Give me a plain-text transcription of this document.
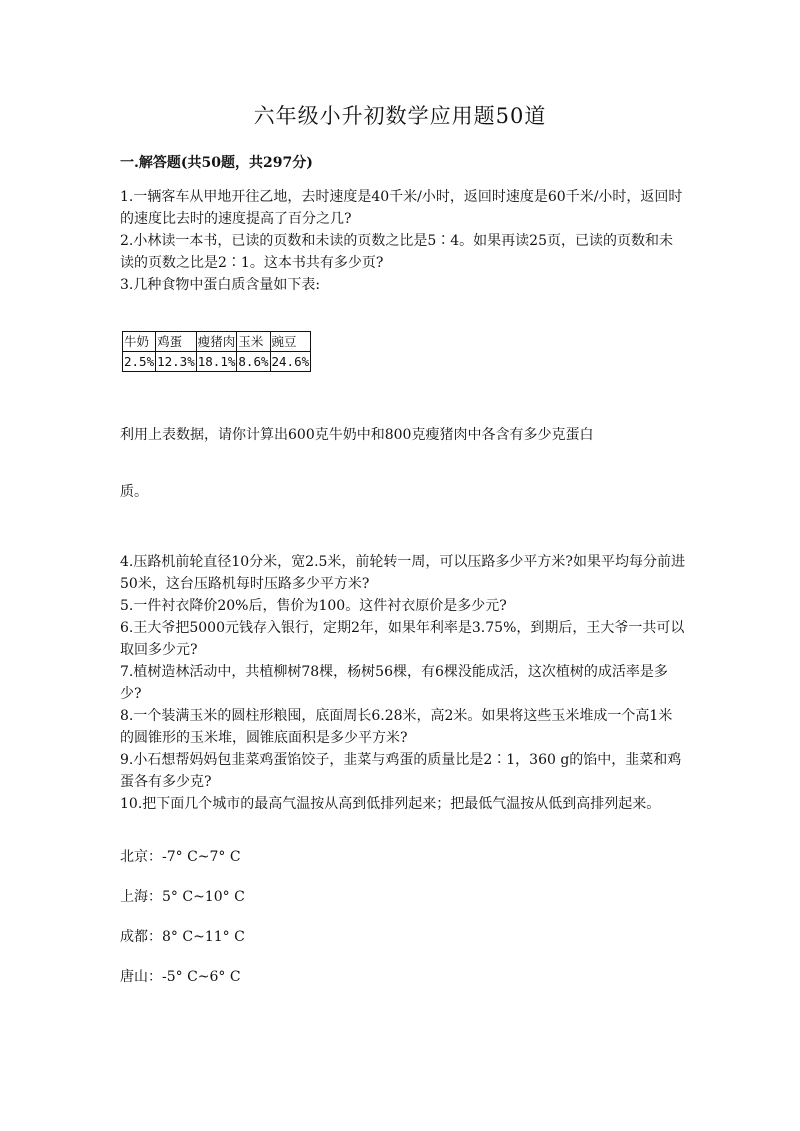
六年级小升初数学应用题50道
一.解答题(共50题，共297分)

1.一辆客车从甲地开往乙地，去时速度是40千米/小时，返回时速度是60千米/小时，返回时的速度比去时的速度提高了百分之几?

2.小林读一本书，已读的页数和未读的页数之比是5∶4。如果再读25页，已读的页数和未读的页数之比是2∶1。这本书共有多少页?

3.几种食物中蛋白质含量如下表:

牛奶	鸡蛋	瘦猪肉	玉米	豌豆
2.5%	12.3%	18.1%	8.6%	24.6%
利用上表数据，请你计算出600克牛奶中和800克瘦猪肉中各含有多少克蛋白
质。

4.压路机前轮直径10分米，宽2.5米，前轮转一周，可以压路多少平方米?如果平均每分前进50米，这台压路机每时压路多少平方米?

5.一件衬衣降价20%后，售价为100。这件衬衣原价是多少元?

6.王大爷把5000元钱存入银行，定期2年，如果年利率是3.75%，到期后，王大爷一共可以取回多少元?

7.植树造林活动中，共植柳树78棵，杨树56棵，有6棵没能成活，这次植树的成活率是多少?

8.一个装满玉米的圆柱形粮囤，底面周长6.28米，高2米。如果将这些玉米堆成一个高1米的圆锥形的玉米堆，圆锥底面积是多少平方米?

9.小石想帮妈妈包韭菜鸡蛋馅饺子，韭菜与鸡蛋的质量比是2∶1，360 g的馅中，韭菜和鸡蛋各有多少克?

10.把下面几个城市的最高气温按从高到低排列起来；把最低气温按从低到高排列起来。

北京：-7° C~7° C
上海：5° C~10° C
成都：8° C~11° C
唐山：-5° C~6° C
